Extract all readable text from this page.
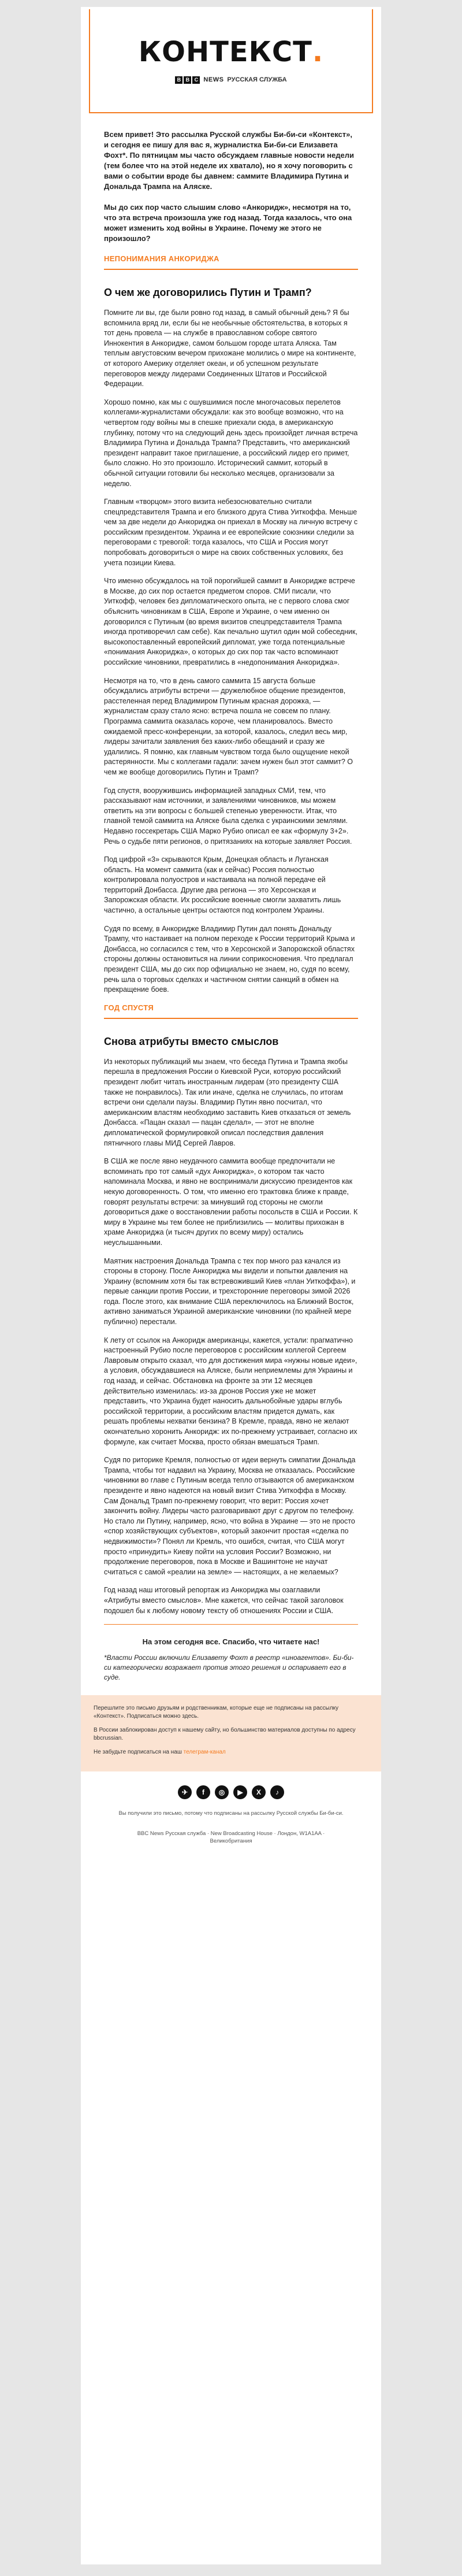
КОНТЕКСТ.
B B C NEWS РУССКАЯ СЛУЖБА

Всем привет! Это рассылка Русской службы Би-би-си «Контекст», и сегодня ее пишу для вас я, журналистка Би-би-си Елизавета Фохт*. По пятницам мы часто обсуждаем главные новости недели (тем более что на этой неделе их хватало), но я хочу поговорить с вами о событии вроде бы давнем: саммите Владимира Путина и Дональда Трампа на Аляске.

Мы до сих пор часто слышим слово «Анкоридж», несмотря на то, что эта встреча произошла уже год назад. Тогда казалось, что она может изменить ход войны в Украине. Почему же этого не произошло?

НЕПОНИМАНИЯ АНКОРИДЖА
О чем же договорились Путин и Трамп?

Помните ли вы, где были ровно год назад, в самый обычный день? Я бы вспомнила вряд ли, если бы не необычные обстоятельства, в которых я тот день провела — на службе в православном соборе святого Иннокентия в Анкоридже, самом большом городе штата Аляска. Там теплым августовским вечером прихожане молились о мире на континенте, от которого Америку отделяет океан, и об успешном результате переговоров между лидерами Соединенных Штатов и Российской Федерации.

Хорошо помню, как мы с ошувшимися после многочасовых перелетов коллегами-журналистами обсуждали: как это вообще возможно, что на четвертом году войны мы в спешке приехали сюда, в американскую глубинку, потому что на следующий день здесь произойдет личная встреча Владимира Путина и Дональда Трампа? Представить, что американский президент направит такое приглашение, а российский лидер его примет, было сложно. Но это произошло. Исторический саммит, который в обычной ситуации готовили бы несколько месяцев, организовали за неделю.

Главным «творцом» этого визита небезосновательно считали спецпредставителя Трампа и его близкого друга Стива Уиткоффа. Меньше чем за две недели до Анкориджа он приехал в Москву на личную встречу с российским президентом. Украина и ее европейские союзники следили за переговорами с тревогой: тогда казалось, что США и Россия могут попробовать договориться о мире на своих собственных условиях, без учета позиции Киева.

Что именно обсуждалось на той порогийшей саммит в Анкоридже встрече в Москве, до сих пор остается предметом споров. СМИ писали, что Уиткофф, человек без дипломатического опыта, не с первого слова смог объяснить чиновникам в США, Европе и Украине, о чем именно он договорился с Путиным (во время визитов спецпредставителя Трампа иногда противоречил сам себе). Как печально шутил один мой собеседник, высокопоставленный европейский дипломат, уже тогда потенциальные «понимания Анкориджа», о которых до сих пор так часто вспоминают российские чиновники, превратились в «недопонимания Анкориджа».

Несмотря на то, что в день самого саммита 15 августа больше обсуждались атрибуты встречи — дружелюбное общение президентов, расстеленная перед Владимиром Путиным красная дорожка, — журналистам сразу стало ясно: встреча пошла не совсем по плану. Программа саммита оказалась короче, чем планировалось. Вместо ожидаемой пресс-конференции, за которой, казалось, следил весь мир, лидеры зачитали заявления без каких-либо обещаний и сразу же удалились. Я помню, как главным чувством тогда было ощущение некой растерянности. Мы с коллегами гадали: зачем нужен был этот саммит? О чем же вообще договорились Путин и Трамп?

Год спустя, вооружившись информацией западных СМИ, тем, что рассказывают нам источники, и заявлениями чиновников, мы можем ответить на эти вопросы с большей степенью уверенности. Итак, что главной темой саммита на Аляске была сделка с украинскими землями. Недавно госсекретарь США Марко Рубио описал ее как «формулу 3+2». Речь о судьбе пяти регионов, о притязаниях на которые заявляет Россия.

Под цифрой «3» скрываются Крым, Донецкая область и Луганская область. На момент саммита (как и сейчас) Россия полностью контролировала полуостров и настаивала на полной передаче ей территорий Донбасса. Другие два региона — это Херсонская и Запорожская области. Их российские военные смогли захватить лишь частично, а остальные центры остаются под контролем Украины.

Судя по всему, в Анкоридже Владимир Путин дал понять Дональду Трампу, что настаивает на полном переходе к России территорий Крыма и Донбасса, но согласился с тем, что в Херсонской и Запорожской областях стороны должны остановиться на линии соприкосновения. Что предлагал президент США, мы до сих пор официально не знаем, но, судя по всему, речь шла о торговых сделках и частичном снятии санкций в обмен на прекращение боев.

ГОД СПУСТЯ
Снова атрибуты вместо смыслов

Из некоторых публикаций мы знаем, что беседа Путина и Трампа якобы перешла в предложения России о Киевской Руси, которую российский президент любит читать иностранным лидерам (это президенту США также не понравилось). Так или иначе, сделка не случилась, по итогам встречи они сделали паузы. Владимир Путин явно посчитал, что американским властям необходимо заставить Киев отказаться от земель Донбасса. «Пацан сказал — пацан сделал», — этот не вполне дипломатической формулировкой описал последствия давления пятничного главы МИД Сергей Лавров.

В США же после явно неудачного саммита вообще предпочитали не вспоминать про тот самый «дух Анкориджа», о котором так часто напоминала Москва, и явно не воспринимали дискуссию президентов как некую договоренность. О том, что именно его трактовка ближе к правде, говорят результаты встречи: за минувший год стороны не смогли договориться даже о восстановлении работы посольств в США и России. К миру в Украине мы тем более не приблизились — молитвы прихожан в храме Анкориджа (и тысяч других по всему миру) остались неуслышанными.

Маятник настроения Дональда Трампа с тех пор много раз качался из стороны в сторону. После Анкориджа мы видели и попытки давления на Украину (вспомним хотя бы так встревоживший Киев «план Уиткоффа»), и первые санкции против России, и трехсторонние переговоры зимой 2026 года. После этого, как внимание США переключилось на Ближний Восток, активно заниматься Украиной американские чиновники (по крайней мере публично) перестали.

К лету от ссылок на Анкоридж американцы, кажется, устали: прагматично настроенный Рубио после переговоров с российским коллегой Сергеем Лавровым открыто сказал, что для достижения мира «нужны новые идеи», а условия, обсуждавшиеся на Аляске, были неприемлемы для Украины и год назад, и сейчас. Обстановка на фронте за эти 12 месяцев действительно изменилась: из-за дронов Россия уже не может представить, что Украина будет наносить дальнобойные удары вглубь российской территории, а российским властям придется думать, как решать проблемы нехватки бензина? В Кремле, правда, явно не желают окончательно хоронить Анкоридж: их по-прежнему устраивает, согласно их формуле, как считает Москва, просто обязан вмешаться Трамп.

Судя по риторике Кремля, полностью от идеи вернуть симпатии Дональда Трампа, чтобы тот надавил на Украину, Москва не отказалась. Российские чиновники во главе с Путиным всегда тепло отзываются об американском президенте и явно надеются на новый визит Стива Уиткоффа в Москву. Сам Дональд Трамп по-прежнему говорит, что верит: Россия хочет закончить войну. Лидеры часто разговаривают друг с другом по телефону. Но стало ли Путину, например, ясно, что война в Украине — это не просто «спор хозяйствующих субъектов», который закончит простая «сделка по недвижимости»? Понял ли Кремль, что ошибся, считая, что США могут просто «принудить» Киеву пойти на условия России? Возможно, ни продолжение переговоров, пока в Москве и Вашингтоне не научат считаться с самой «реалии на земле» — настоящих, а не желаемых?

Год назад наш итоговый репортаж из Анкориджа мы озаглавили «Атрибуты вместо смыслов». Мне кажется, что сейчас такой заголовок подошел бы к любому новому тексту об отношениях России и США.

На этом сегодня все. Спасибо, что читаете нас!
*Власти России включили Елизавету Фохт в реестр «иноагентов». Би-би-си категорически возражает против этого решения и оспаривает его в суде.

Перешлите это письмо друзьям и родственникам, которые еще не подписаны на рассылку «Контекст». Подписаться можно здесь.

В России заблокирован доступ к нашему сайту, но большинство материалов доступны по адресу bbcrussian.

Не забудьте подписаться на наш телеграм-канал

✈	f	◎	▶	X	♪
Вы получили это письмо, потому что подписаны на рассылку Русской службы Би-би-си.
BBC News Русская служба · New Broadcasting House · Лондон, W1A1AA · Великобритания
